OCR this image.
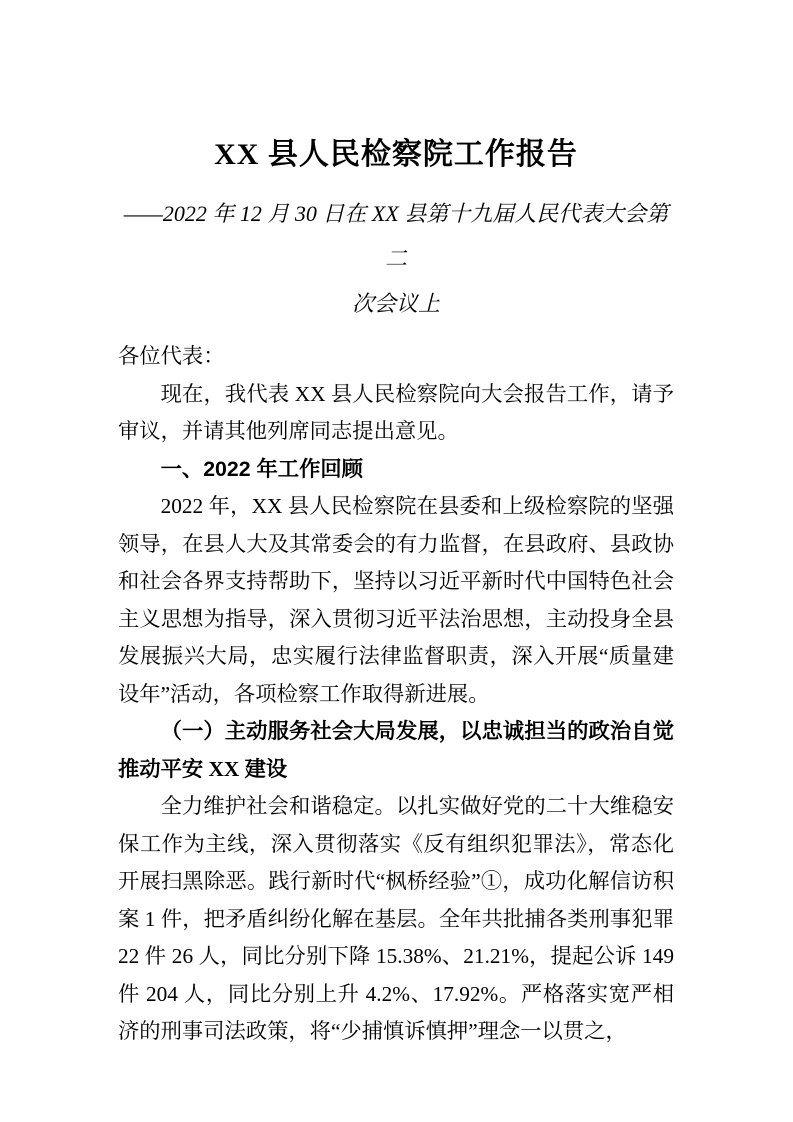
XX 县人民检察院工作报告
——2022 年 12 月 30 日在 XX 县第十九届人民代表大会第二
次会议上

各位代表：

现在，我代表 XX 县人民检察院向大会报告工作，请予审议，并请其他列席同志提出意见。

一、2022 年工作回顾

2022 年，XX 县人民检察院在县委和上级检察院的坚强领导，在县人大及其常委会的有力监督，在县政府、县政协和社会各界支持帮助下，坚持以习近平新时代中国特色社会主义思想为指导，深入贯彻习近平法治思想，主动投身全县发展振兴大局，忠实履行法律监督职责，深入开展“质量建设年”活动，各项检察工作取得新进展。

（一）主动服务社会大局发展，以忠诚担当的政治自觉推动平安 XX 建设

全力维护社会和谐稳定。以扎实做好党的二十大维稳安保工作为主线，深入贯彻落实《反有组织犯罪法》，常态化开展扫黑除恶。践行新时代“枫桥经验”①，成功化解信访积案 1 件，把矛盾纠纷化解在基层。全年共批捕各类刑事犯罪 22 件 26 人，同比分别下降 15.38%、21.21%，提起公诉 149 件 204 人，同比分别上升 4.2%、17.92%。严格落实宽严相济的刑事司法政策，将“少捕慎诉慎押”理念一以贯之，
